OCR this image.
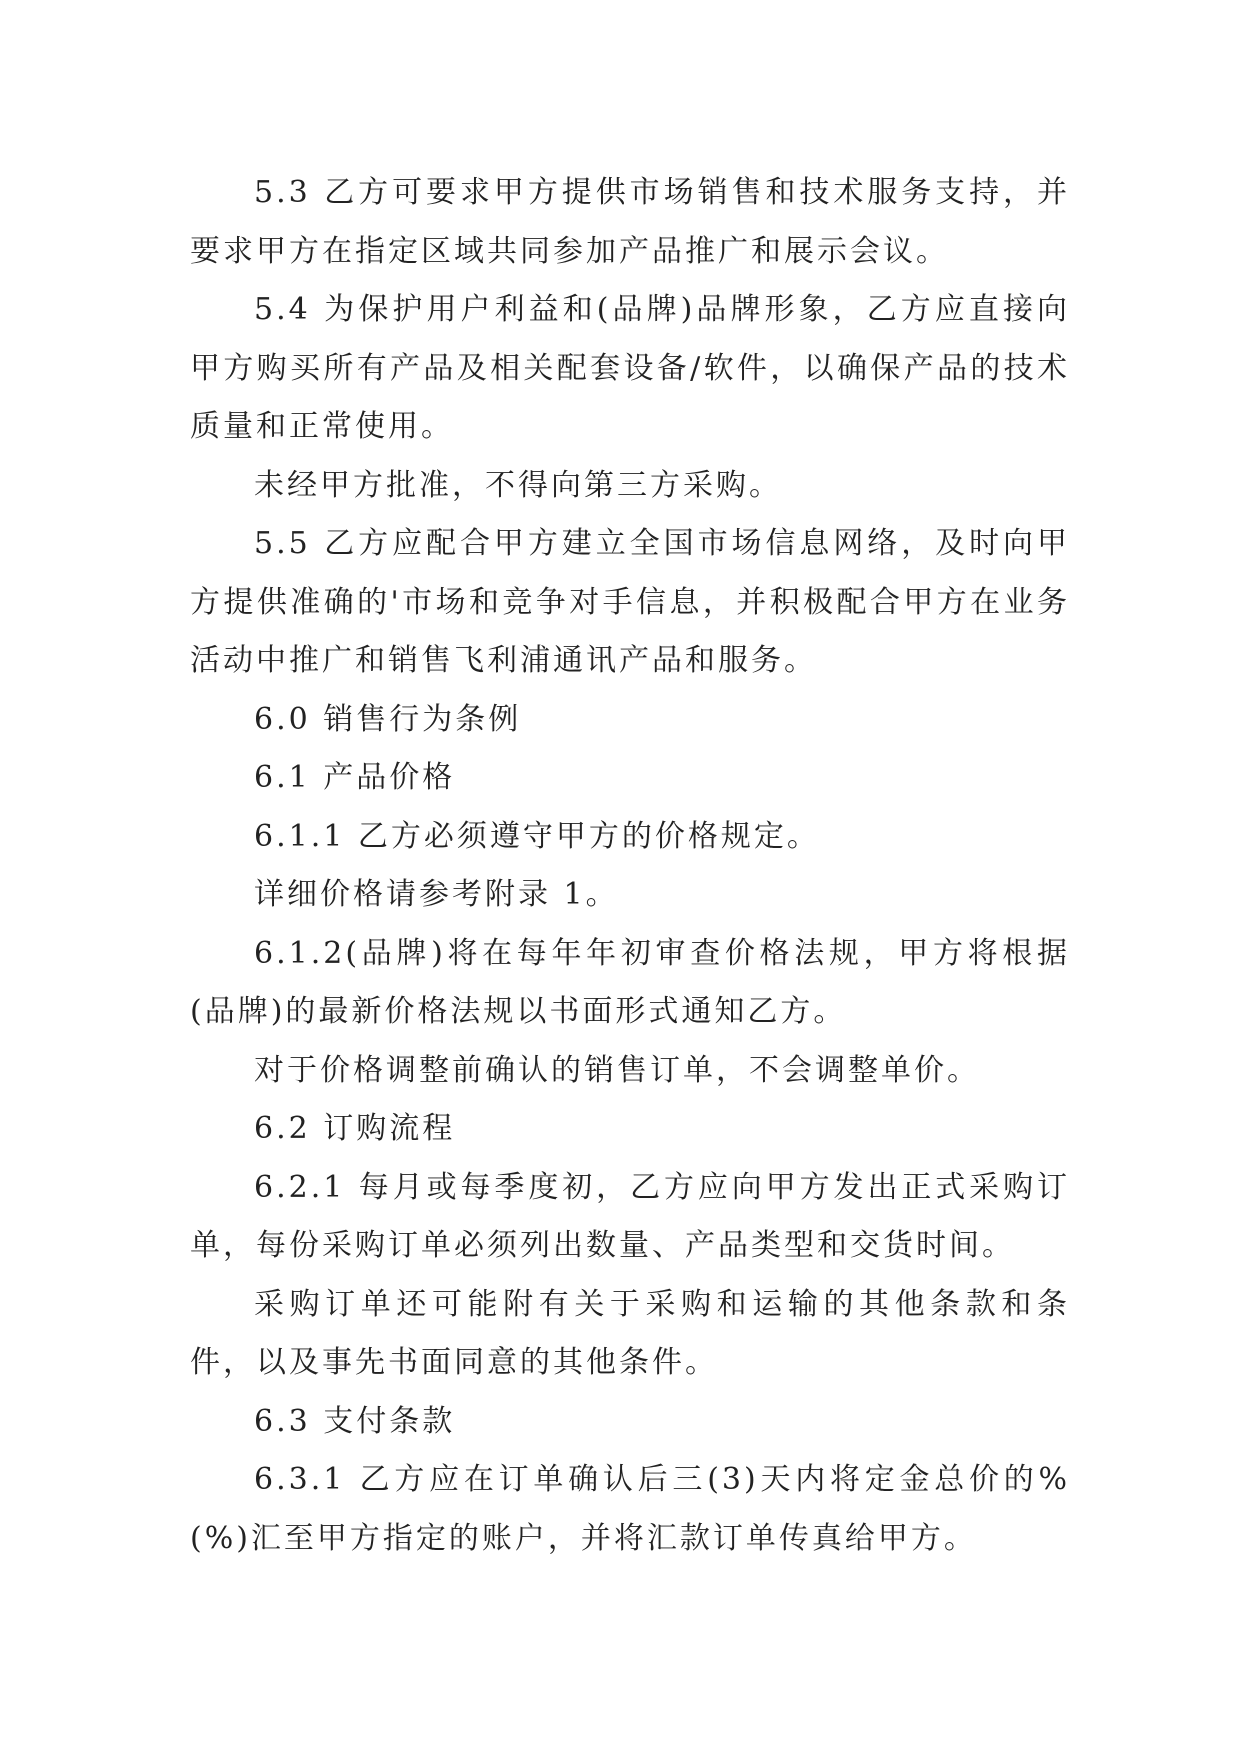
5.3 乙方可要求甲方提供市场销售和技术服务支持，并要求甲方在指定区域共同参加产品推广和展示会议。

5.4 为保护用户利益和(品牌)品牌形象，乙方应直接向甲方购买所有产品及相关配套设备/软件，以确保产品的技术质量和正常使用。

未经甲方批准，不得向第三方采购。

5.5 乙方应配合甲方建立全国市场信息网络，及时向甲方提供准确的'市场和竞争对手信息，并积极配合甲方在业务活动中推广和销售飞利浦通讯产品和服务。

6.0 销售行为条例

6.1 产品价格

6.1.1 乙方必须遵守甲方的价格规定。

详细价格请参考附录 1。

6.1.2(品牌)将在每年年初审查价格法规，甲方将根据(品牌)的最新价格法规以书面形式通知乙方。

对于价格调整前确认的销售订单，不会调整单价。

6.2 订购流程

6.2.1 每月或每季度初，乙方应向甲方发出正式采购订单，每份采购订单必须列出数量、产品类型和交货时间。

采购订单还可能附有关于采购和运输的其他条款和条件，以及事先书面同意的其他条件。

6.3 支付条款

6.3.1 乙方应在订单确认后三(3)天内将定金总价的%(%)汇至甲方指定的账户，并将汇款订单传真给甲方。
